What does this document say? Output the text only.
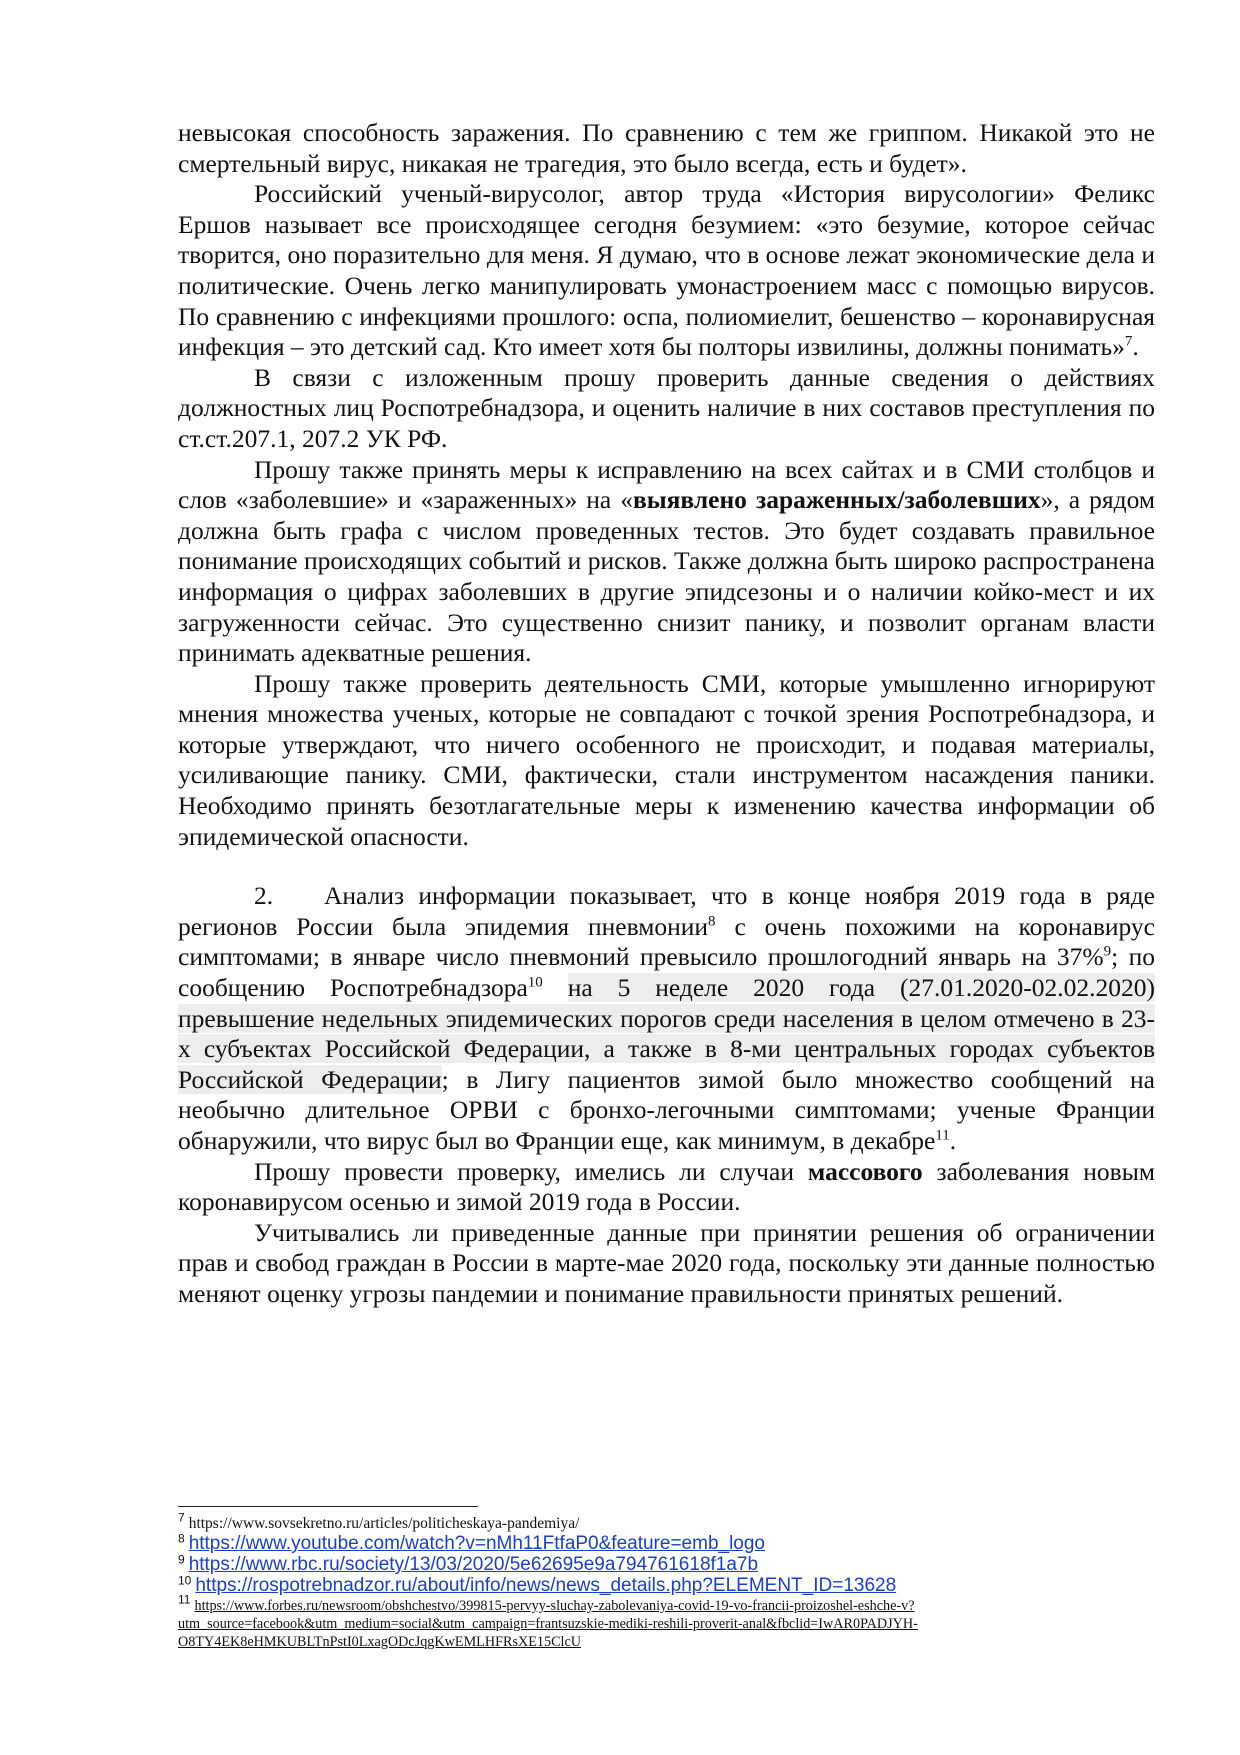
невысокая способность заражения. По сравнению с тем же гриппом. Никакой это не смертельный вирус, никакая не трагедия, это было всегда, есть и будет».

Российский ученый-вирусолог, автор труда «История вирусологии» Феликс Ершов называет все происходящее сегодня безумием: «это безумие, которое сейчас творится, оно поразительно для меня. Я думаю, что в основе лежат экономические дела и политические. Очень легко манипулировать умонастроением масс с помощью вирусов. По сравнению с инфекциями прошлого: оспа, полиомиелит, бешенство – коронавирусная инфекция – это детский сад. Кто имеет хотя бы полторы извилины, должны понимать»$^7$.

В связи с изложенным прошу проверить данные сведения о действиях должностных лиц Роспотребнадзора, и оценить наличие в них составов преступления по ст.ст.207.1, 207.2 УК РФ.

Прошу также принять меры к исправлению на всех сайтах и в СМИ столбцов и слов «заболевшие» и «зараженных» на «выявлено зараженных/заболевших», а рядом должна быть графа с числом проведенных тестов. Это будет создавать правильное понимание происходящих событий и рисков. Также должна быть широко распространена информация о цифрах заболевших в другие эпидсезоны и о наличии койко-мест и их загруженности сейчас. Это существенно снизит панику, и позволит органам власти принимать адекватные решения.

Прошу также проверить деятельность СМИ, которые умышленно игнорируют мнения множества ученых, которые не совпадают с точкой зрения Роспотребнадзора, и которые утверждают, что ничего особенного не происходит, и подавая материалы, усиливающие панику. СМИ, фактически, стали инструментом насаждения паники. Необходимо принять безотлагательные меры к изменению качества информации об эпидемической опасности.

2. Анализ информации показывает, что в конце ноября 2019 года в ряде регионов России была эпидемия пневмонии$^8$ с очень похожими на коронавирус симптомами; в январе число пневмоний превысило прошлогодний январь на 37%$^9$; по сообщению Роспотребнадзора$^{10}$ на 5 неделе 2020 года (27.01.2020-02.02.2020) превышение недельных эпидемических порогов среди населения в целом отмечено в 23-х субъектах Российской Федерации, а также в 8-ми центральных городах субъектов Российской Федерации; в Лигу пациентов зимой было множество сообщений на необычно длительное ОРВИ с бронхо-легочными симптомами; ученые Франции обнаружили, что вирус был во Франции еще, как минимум, в декабре$^{11}$.

Прошу провести проверку, имелись ли случаи массового заболевания новым коронавирусом осенью и зимой 2019 года в России.

Учитывались ли приведенные данные при принятии решения об ограничении прав и свобод граждан в России в марте-мае 2020 года, поскольку эти данные полностью меняют оценку угрозы пандемии и понимание правильности принятых решений.

$^7$ https://www.sovsekretno.ru/articles/politicheskaya-pandemiya/

$^8$ https://www.youtube.com/watch?v=nMh11FtfaP0&feature=emb_logo

$^9$ https://www.rbc.ru/society/13/03/2020/5e62695e9a794761618f1a7b

$^{10}$ https://rospotrebnadzor.ru/about/info/news/news_details.php?ELEMENT_ID=13628

$^{11}$ https://www.forbes.ru/newsroom/obshchestvo/399815-pervyy-sluchay-zabolevaniya-covid-19-vo-francii-proizoshel-eshche-v?utm_source=facebook&utm_medium=social&utm_campaign=frantsuzskie-mediki-reshili-proverit-anal&fbclid=IwAR0PADJYH-O8TY4EK8eHMKUBLTnPstI0LxagODcJqgKwEMLHFRsXE15ClcU
